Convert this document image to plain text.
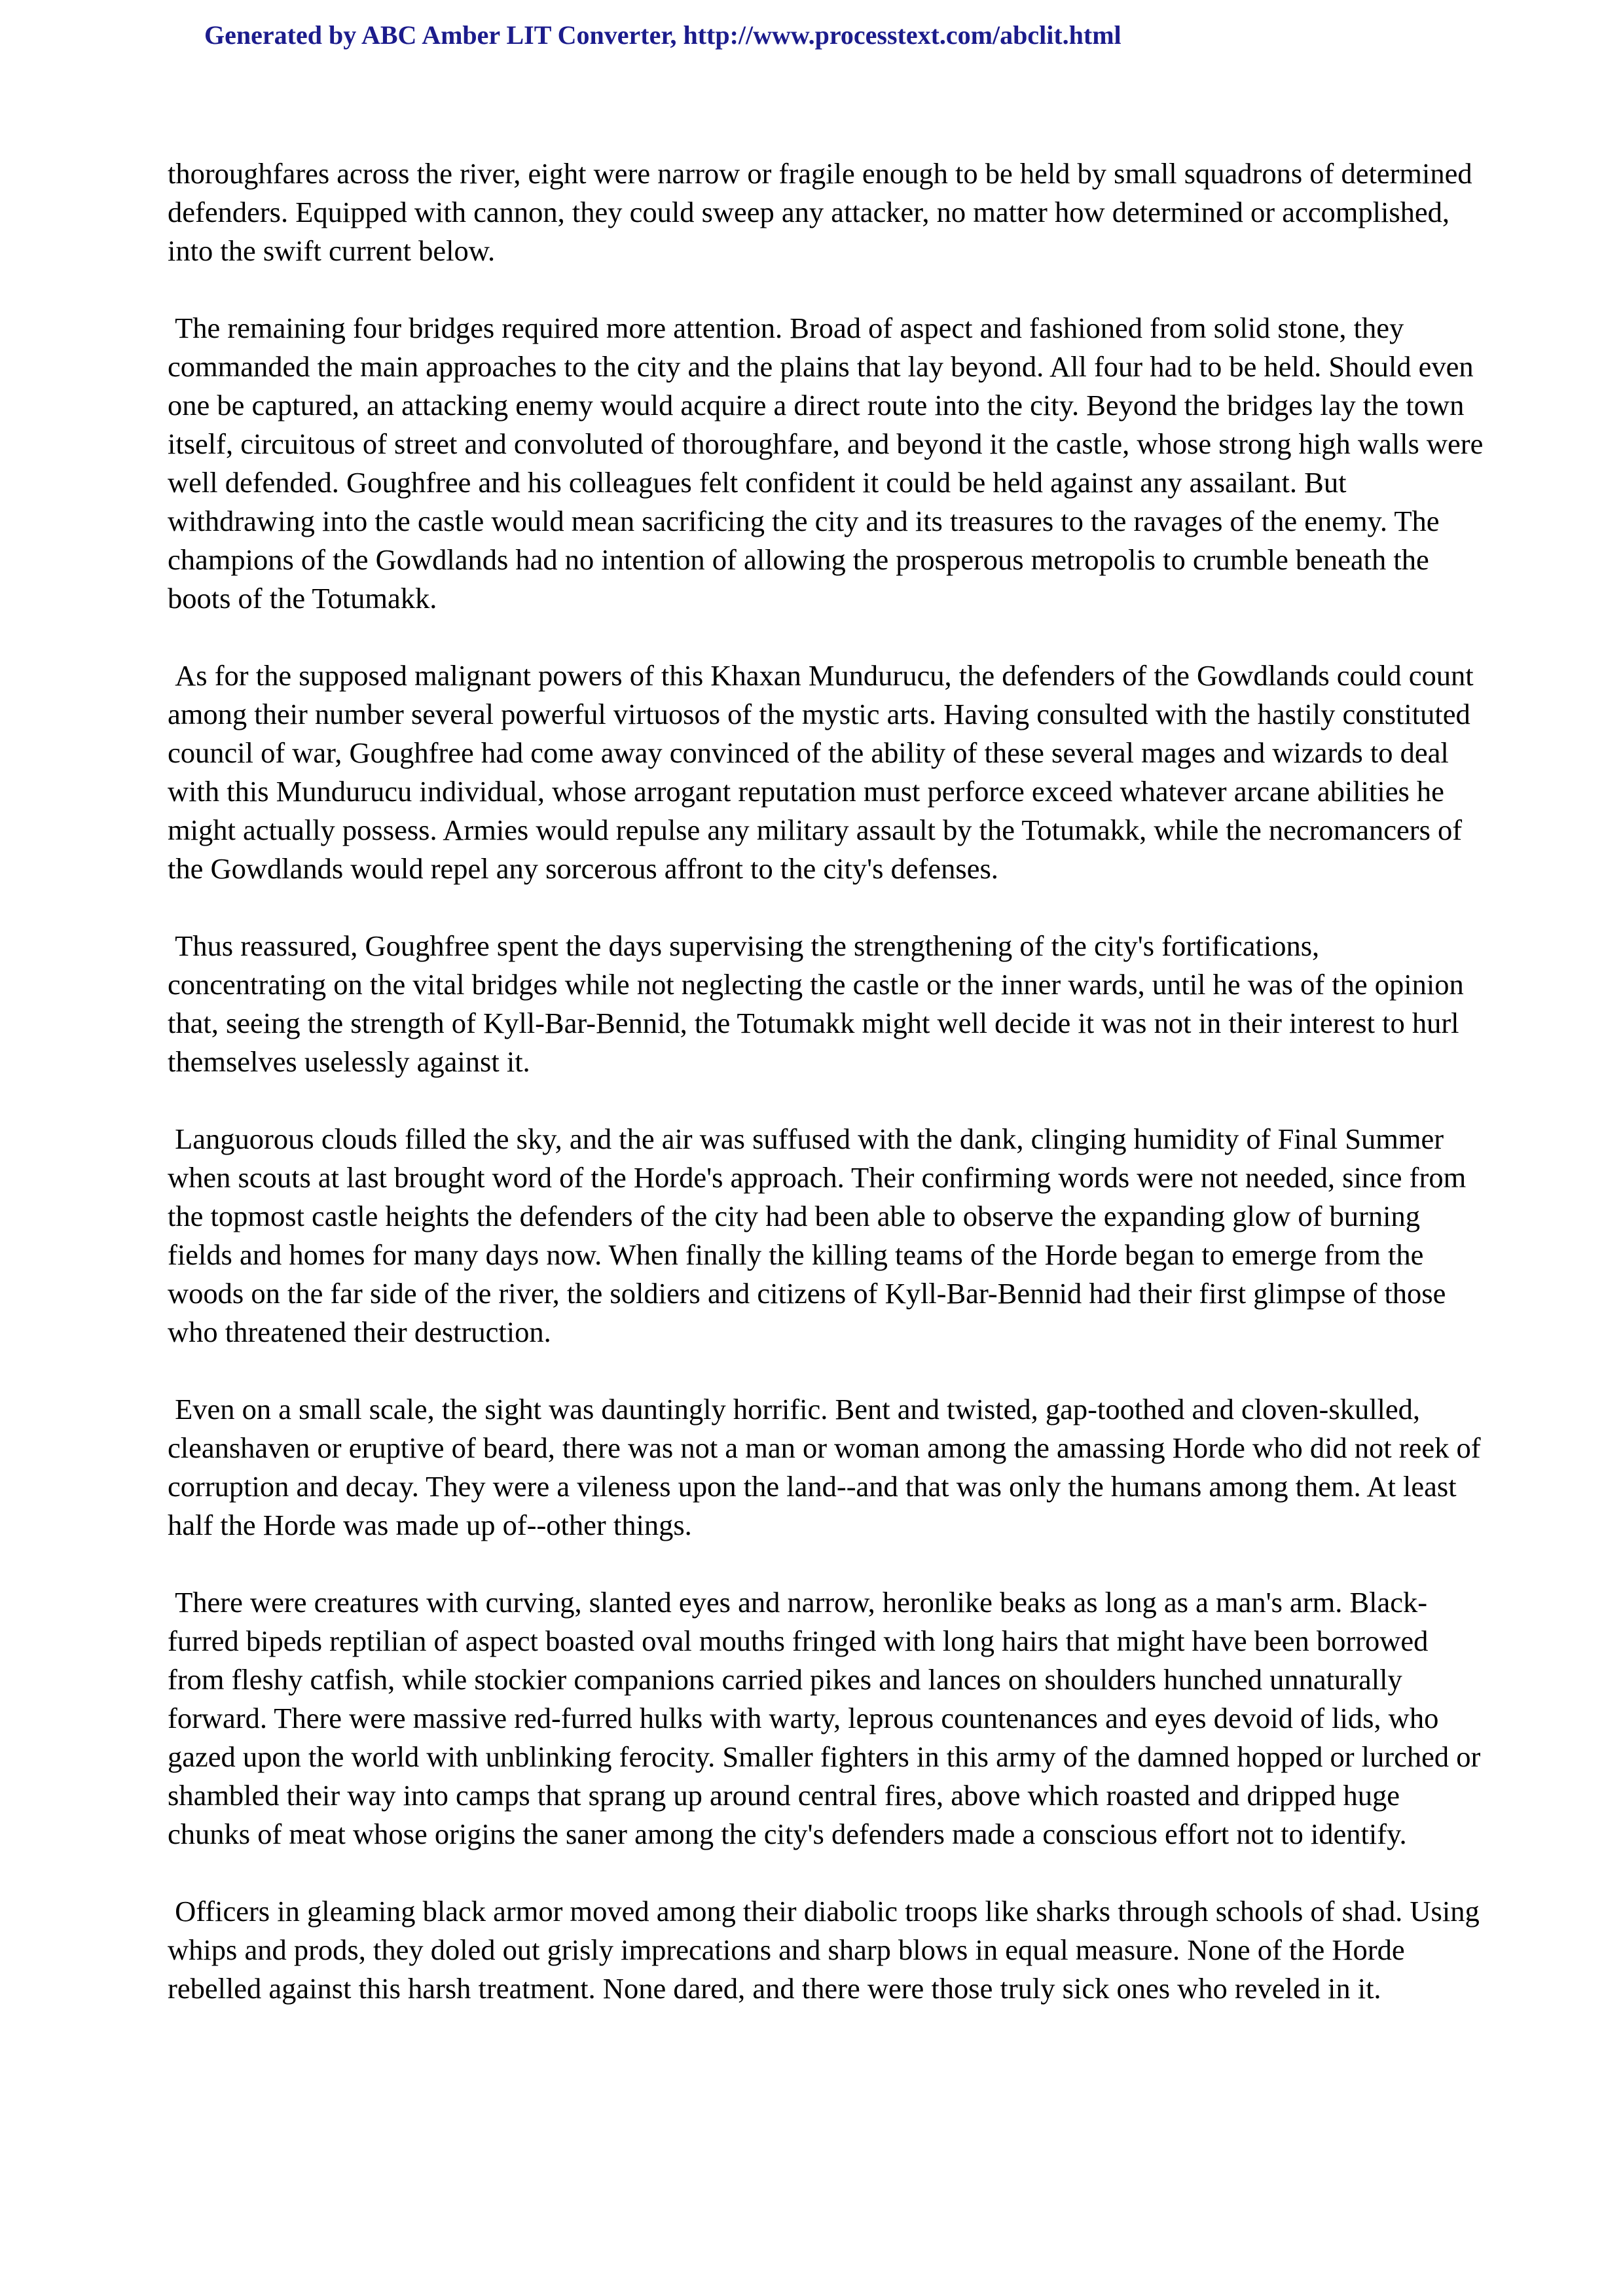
Generated by ABC Amber LIT Converter, http://www.processtext.com/abclit.html

thoroughfares across the river, eight were narrow or fragile enough to be held by small squadrons of determined defenders. Equipped with cannon, they could sweep any attacker, no matter how determined or accomplished, into the swift current below.

The remaining four bridges required more attention. Broad of aspect and fashioned from solid stone, they commanded the main approaches to the city and the plains that lay beyond. All four had to be held. Should even one be captured, an attacking enemy would acquire a direct route into the city. Beyond the bridges lay the town itself, circuitous of street and convoluted of thoroughfare, and beyond it the castle, whose strong high walls were well defended. Goughfree and his colleagues felt confident it could be held against any assailant. But withdrawing into the castle would mean sacrificing the city and its treasures to the ravages of the enemy. The champions of the Gowdlands had no intention of allowing the prosperous metropolis to crumble beneath the boots of the Totumakk.

As for the supposed malignant powers of this Khaxan Mundurucu, the defenders of the Gowdlands could count among their number several powerful virtuosos of the mystic arts. Having consulted with the hastily constituted council of war, Goughfree had come away convinced of the ability of these several mages and wizards to deal with this Mundurucu individual, whose arrogant reputation must perforce exceed whatever arcane abilities he might actually possess. Armies would repulse any military assault by the Totumakk, while the necromancers of the Gowdlands would repel any sorcerous affront to the city's defenses.

Thus reassured, Goughfree spent the days supervising the strengthening of the city's fortifications, concentrating on the vital bridges while not neglecting the castle or the inner wards, until he was of the opinion that, seeing the strength of Kyll-Bar-Bennid, the Totumakk might well decide it was not in their interest to hurl themselves uselessly against it.

Languorous clouds filled the sky, and the air was suffused with the dank, clinging humidity of Final Summer when scouts at last brought word of the Horde's approach. Their confirming words were not needed, since from the topmost castle heights the defenders of the city had been able to observe the expanding glow of burning fields and homes for many days now. When finally the killing teams of the Horde began to emerge from the woods on the far side of the river, the soldiers and citizens of Kyll-Bar-Bennid had their first glimpse of those who threatened their destruction.

Even on a small scale, the sight was dauntingly horrific. Bent and twisted, gap-toothed and cloven-skulled, cleanshaven or eruptive of beard, there was not a man or woman among the amassing Horde who did not reek of corruption and decay. They were a vileness upon the land--and that was only the humans among them. At least half the Horde was made up of--other things.

There were creatures with curving, slanted eyes and narrow, heronlike beaks as long as a man's arm. Black-furred bipeds reptilian of aspect boasted oval mouths fringed with long hairs that might have been borrowed from fleshy catfish, while stockier companions carried pikes and lances on shoulders hunched unnaturally forward. There were massive red-furred hulks with warty, leprous countenances and eyes devoid of lids, who gazed upon the world with unblinking ferocity. Smaller fighters in this army of the damned hopped or lurched or shambled their way into camps that sprang up around central fires, above which roasted and dripped huge chunks of meat whose origins the saner among the city's defenders made a conscious effort not to identify.

Officers in gleaming black armor moved among their diabolic troops like sharks through schools of shad. Using whips and prods, they doled out grisly imprecations and sharp blows in equal measure. None of the Horde rebelled against this harsh treatment. None dared, and there were those truly sick ones who reveled in it.
